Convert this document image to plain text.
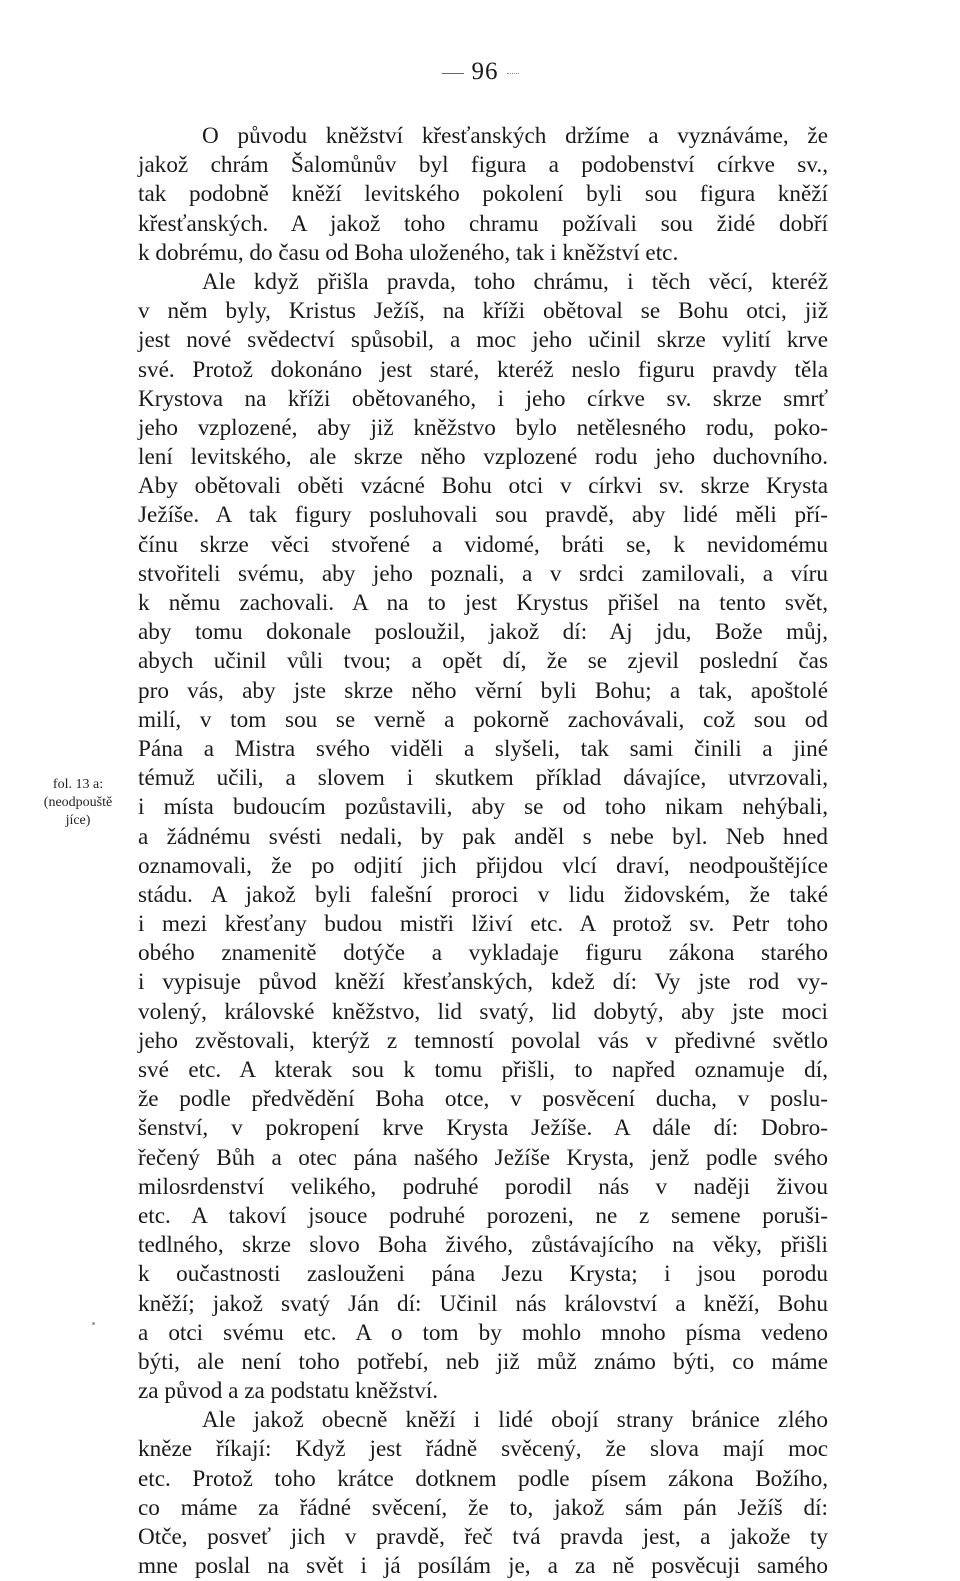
96
fol. 13 a:
(neodpouště
jíce)
O původu kněžství křesťanských držíme a vyznáváme, že
jakož chrám Šalomůnův byl figura a podobenství církve sv.,
tak podobně kněží levitského pokolení byli sou figura kněží
křesťanských. A jakož toho chramu požívali sou židé dobří
k dobrému, do času od Boha uloženého, tak i kněžství etc.
Ale když přišla pravda, toho chrámu, i těch věcí, kteréž
v něm byly, Kristus Ježíš, na kříži obětoval se Bohu otci, již
jest nové svědectví spůsobil, a moc jeho učinil skrze vylití krve
své. Protož dokonáno jest staré, kteréž neslo figuru pravdy těla
Krystova na kříži obětovaného, i jeho církve sv. skrze smrť
jeho vzplozené, aby již kněžstvo bylo netělesného rodu, poko-
lení levitského, ale skrze něho vzplozené rodu jeho duchovního.
Aby obětovali oběti vzácné Bohu otci v církvi sv. skrze Krysta
Ježíše. A tak figury posluhovali sou pravdě, aby lidé měli pří-
čínu skrze věci stvořené a vidomé, bráti se, k nevidomému
stvořiteli svému, aby jeho poznali, a v srdci zamilovali, a víru
k němu zachovali. A na to jest Krystus přišel na tento svět,
aby tomu dokonale posloužil, jakož dí: Aj jdu, Bože můj,
abych učinil vůli tvou; a opět dí, že se zjevil poslední čas
pro vás, aby jste skrze něho věrní byli Bohu; a tak, apoštolé
milí, v tom sou se verně a pokorně zachovávali, což sou od
Pána a Mistra svého viděli a slyšeli, tak sami činili a jiné
témuž učili, a slovem i skutkem příklad dávajíce, utvrzovali,
i místa budoucím pozůstavili, aby se od toho nikam nehýbali,
a žádnému svésti nedali, by pak anděl s nebe byl. Neb hned
oznamovali, že po odjití jich přijdou vlcí draví, neodpouštějíce
stádu. A jakož byli falešní proroci v lidu židovském, že také
i mezi křesťany budou mistři lživí etc. A protož sv. Petr toho
obého znamenitě dotýče a vykladaje figuru zákona starého
i vypisuje původ kněží křesťanských, kdež dí: Vy jste rod vy-
volený, královské kněžstvo, lid svatý, lid dobytý, aby jste moci
jeho zvěstovali, kterýž z temností povolal vás v předivné světlo
své etc. A kterak sou k tomu přišli, to napřed oznamuje dí,
že podle předvědění Boha otce, v posvěcení ducha, v poslu-
šenství, v pokropení krve Krysta Ježíše. A dále dí: Dobro-
řečený Bůh a otec pána našého Ježíše Krysta, jenž podle svého
milosrdenství velikého, podruhé porodil nás v naději živou
etc. A takoví jsouce podruhé porozeni, ne z semene poruši-
tedlného, skrze slovo Boha živého, zůstávajícího na věky, přišli
k oučastnosti zaslouženi pána Jezu Krysta; i jsou porodu
kněží; jakož svatý Ján dí: Učinil nás království a kněží, Bohu
a otci svému etc. A o tom by mohlo mnoho písma vedeno
býti, ale není toho potřebí, neb již můž známo býti, co máme
za původ a za podstatu kněžství.
Ale jakož obecně kněží i lidé obojí strany bránice zlého
kněze říkají: Když jest řádně svěcený, že slova mají moc
etc. Protož toho krátce dotknem podle písem zákona Božího,
co máme za řádné svěcení, že to, jakož sám pán Ježíš dí:
Otče, posveť jich v pravdě, řeč tvá pravda jest, a jakože ty
mne poslal na svět i já posílám je, a za ně posvěcuji samého
